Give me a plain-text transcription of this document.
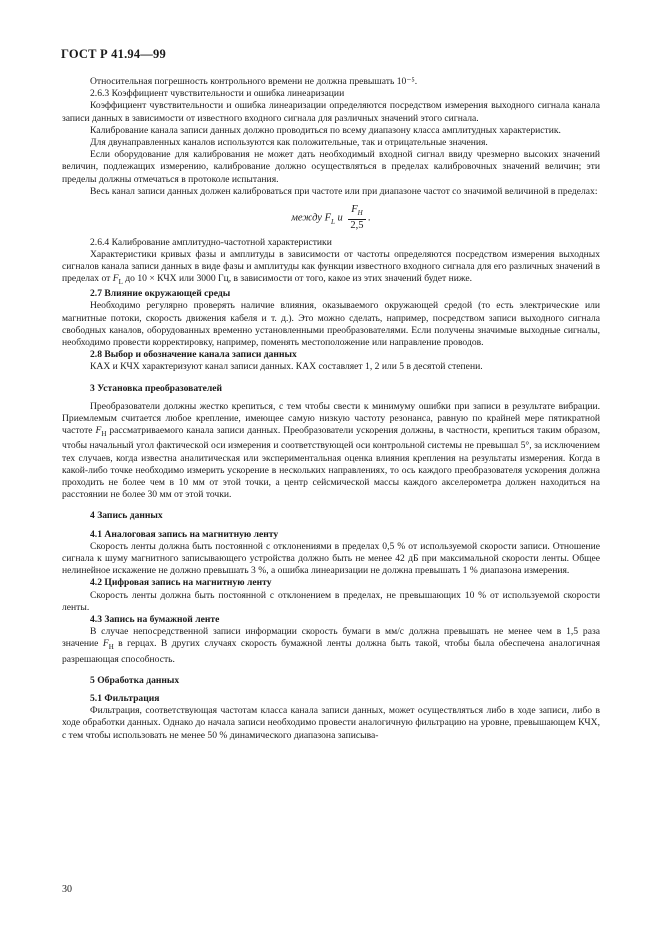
ГОСТ Р 41.94—99

Относительная погрешность контрольного времени не должна превышать 10⁻⁵.

2.6.3 Коэффициент чувствительности и ошибка линеаризации

Коэффициент чувствительности и ошибка линеаризации определяются посредством измерения выходного сигнала канала записи данных в зависимости от известного входного сигнала для различных значений этого сигнала.

Калибрование канала записи данных должно проводиться по всему диапазону класса амплитудных характеристик.

Для двунаправленных каналов используются как положительные, так и отрицательные значения.

Если оборудование для калибрования не может дать необходимый входной сигнал ввиду чрезмерно высоких значений величин, подлежащих измерению, калибрование должно осуществляться в пределах калибровочных значений величин; эти пределы должны отмечаться в протоколе испытания.

Весь канал записи данных должен калиброваться при частоте или при диапазоне частот со значимой величиной в пределах:

между $F_L$ и $\frac{F_H}{2,5}$ .

2.6.4 Калибрование амплитудно-частотной характеристики

Характеристики кривых фазы и амплитуды в зависимости от частоты определяются посредством измерения выходных сигналов канала записи данных в виде фазы и амплитуды как функции известного входного сигнала для его различных значений в пределах от $F_L$ до 10 × КЧХ или 3000 Гц, в зависимости от того, какое из этих значений будет ниже.

2.7 Влияние окружающей среды

Необходимо регулярно проверять наличие влияния, оказываемого окружающей средой (то есть электрические или магнитные потоки, скорость движения кабеля и т. д.). Это можно сделать, например, посредством записи выходного сигнала свободных каналов, оборудованных временно установленными преобразователями. Если получены значимые выходные сигналы, необходимо провести корректировку, например, поменять местоположение или направление проводов.

2.8 Выбор и обозначение канала записи данных

КАХ и КЧХ характеризуют канал записи данных. КАХ составляет 1, 2 или 5 в десятой степени.

3 Установка преобразователей

Преобразователи должны жестко крепиться, с тем чтобы свести к минимуму ошибки при записи в результате вибрации. Приемлемым считается любое крепление, имеющее самую низкую частоту резонанса, равную по крайней мере пятикратной частоте $F_H$ рассматриваемого канала записи данных. Преобразователи ускорения должны, в частности, крепиться таким образом, чтобы начальный угол фактической оси измерения и соответствующей оси контрольной системы не превышал 5°, за исключением тех случаев, когда известна аналитическая или экспериментальная оценка влияния крепления на результаты измерения. Когда в какой-либо точке необходимо измерить ускорение в нескольких направлениях, то ось каждого преобразователя ускорения должна проходить не более чем в 10 мм от этой точки, а центр сейсмической массы каждого акселерометра должен находиться на расстоянии не более 30 мм от этой точки.

4 Запись данных

4.1 Аналоговая запись на магнитную ленту

Скорость ленты должна быть постоянной с отклонениями в пределах 0,5 % от используемой скорости записи. Отношение сигнала к шуму магнитного записывающего устройства должно быть не менее 42 дБ при максимальной скорости ленты. Общее нелинейное искажение не должно превышать 3 %, а ошибка линеаризации не должна превышать 1 % диапазона измерения.

4.2 Цифровая запись на магнитную ленту

Скорость ленты должна быть постоянной с отклонением в пределах, не превышающих 10 % от используемой скорости ленты.

4.3 Запись на бумажной ленте

В случае непосредственной записи информации скорость бумаги в мм/с должна превышать не менее чем в 1,5 раза значение $F_H$ в герцах. В других случаях скорость бумажной ленты должна быть такой, чтобы была обеспечена аналогичная разрешающая способность.

5 Обработка данных

5.1 Фильтрация

Фильтрация, соответствующая частотам класса канала записи данных, может осуществляться либо в ходе записи, либо в ходе обработки данных. Однако до начала записи необходимо провести аналогичную фильтрацию на уровне, превышающем КЧХ, с тем чтобы использовать не менее 50 % динамического диапазона записыва-

30
